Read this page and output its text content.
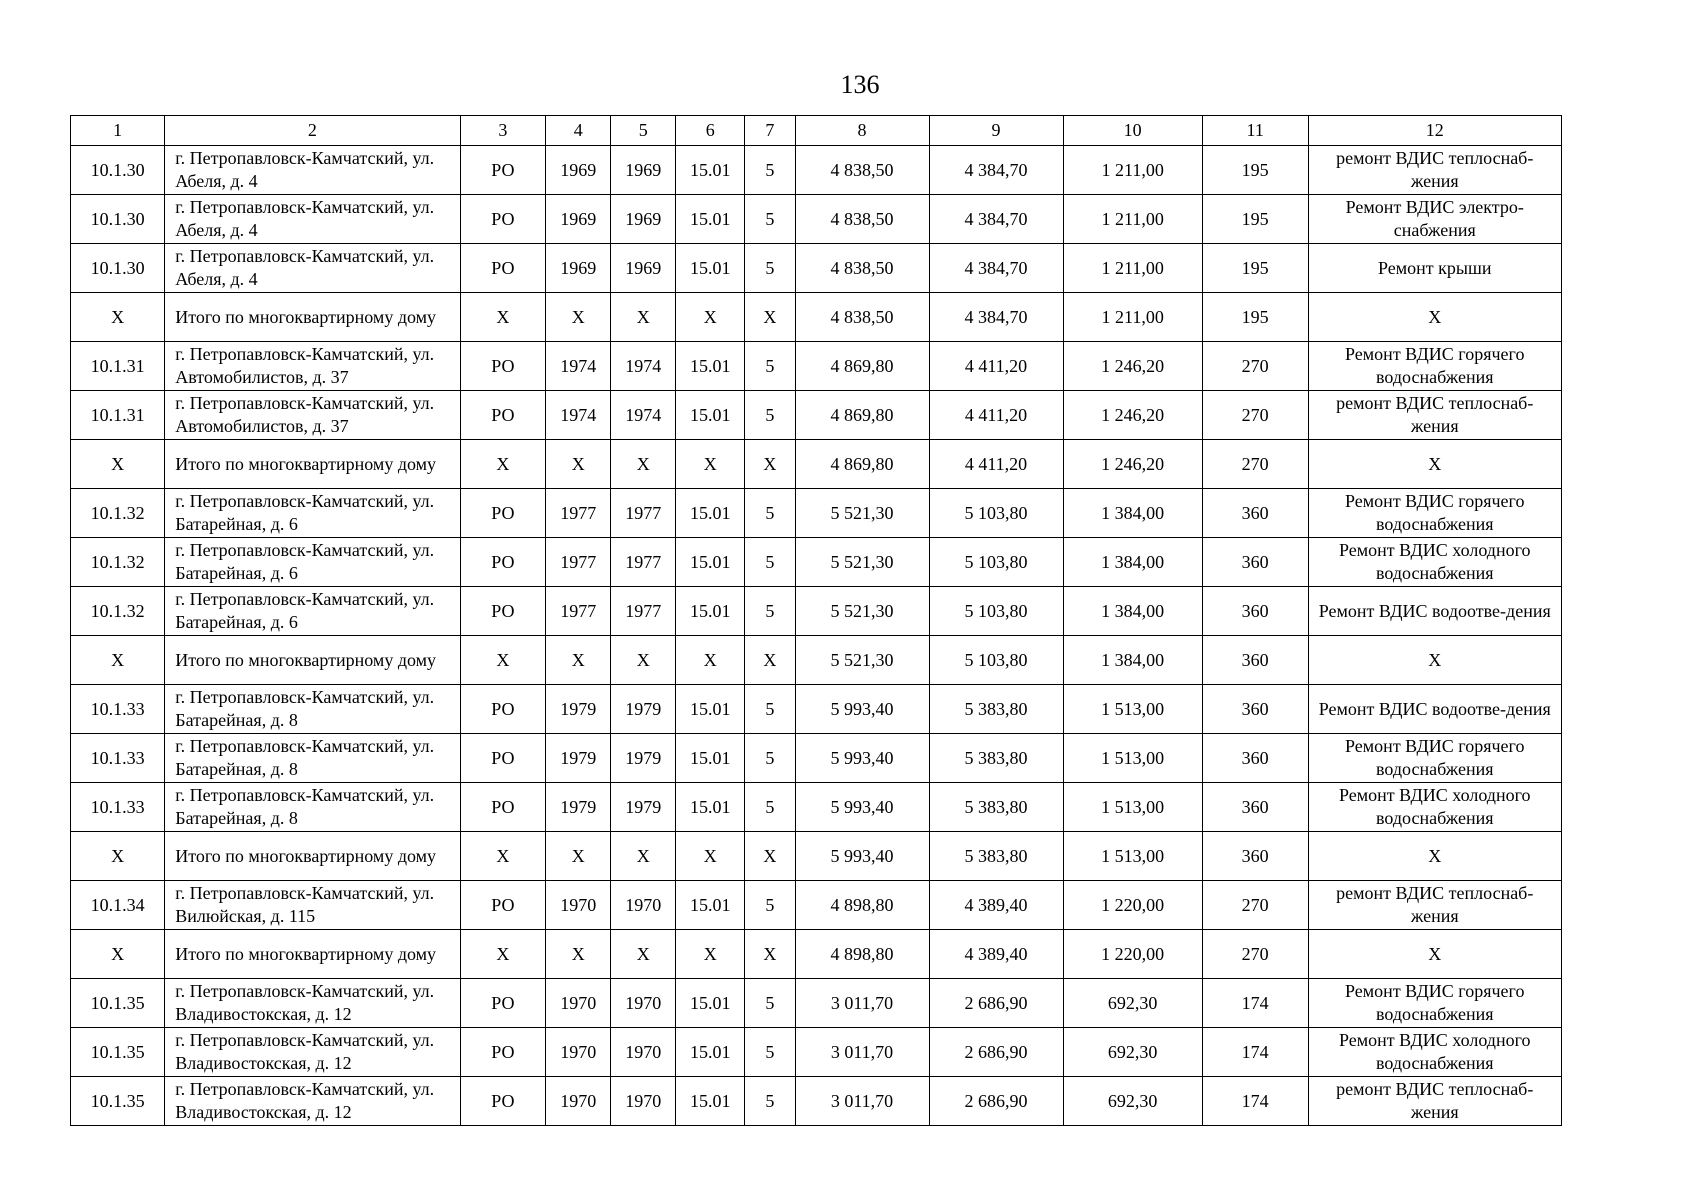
136
1	2	3	4	5	6	7	8	9	10	11	12
10.1.30	г. Петропавловск-Камчатский, ул. Абеля, д. 4	РО	1969	1969	15.01	5	4 838,50	4 384,70	1 211,00	195	ремонт ВДИС теплоснаб-жения
10.1.30	г. Петропавловск-Камчатский, ул. Абеля, д. 4	РО	1969	1969	15.01	5	4 838,50	4 384,70	1 211,00	195	Ремонт ВДИС электро-снабжения
10.1.30	г. Петропавловск-Камчатский, ул. Абеля, д. 4	РО	1969	1969	15.01	5	4 838,50	4 384,70	1 211,00	195	Ремонт крыши
Х	Итого по многоквартирному дому	Х	Х	Х	Х	Х	4 838,50	4 384,70	1 211,00	195	Х
10.1.31	г. Петропавловск-Камчатский, ул. Автомобилистов, д. 37	РО	1974	1974	15.01	5	4 869,80	4 411,20	1 246,20	270	Ремонт ВДИС горячего водоснабжения
10.1.31	г. Петропавловск-Камчатский, ул. Автомобилистов, д. 37	РО	1974	1974	15.01	5	4 869,80	4 411,20	1 246,20	270	ремонт ВДИС теплоснаб-жения
Х	Итого по многоквартирному дому	Х	Х	Х	Х	Х	4 869,80	4 411,20	1 246,20	270	Х
10.1.32	г. Петропавловск-Камчатский, ул. Батарейная, д. 6	РО	1977	1977	15.01	5	5 521,30	5 103,80	1 384,00	360	Ремонт ВДИС горячего водоснабжения
10.1.32	г. Петропавловск-Камчатский, ул. Батарейная, д. 6	РО	1977	1977	15.01	5	5 521,30	5 103,80	1 384,00	360	Ремонт ВДИС холодного водоснабжения
10.1.32	г. Петропавловск-Камчатский, ул. Батарейная, д. 6	РО	1977	1977	15.01	5	5 521,30	5 103,80	1 384,00	360	Ремонт ВДИС водоотве-дения
Х	Итого по многоквартирному дому	Х	Х	Х	Х	Х	5 521,30	5 103,80	1 384,00	360	Х
10.1.33	г. Петропавловск-Камчатский, ул. Батарейная, д. 8	РО	1979	1979	15.01	5	5 993,40	5 383,80	1 513,00	360	Ремонт ВДИС водоотве-дения
10.1.33	г. Петропавловск-Камчатский, ул. Батарейная, д. 8	РО	1979	1979	15.01	5	5 993,40	5 383,80	1 513,00	360	Ремонт ВДИС горячего водоснабжения
10.1.33	г. Петропавловск-Камчатский, ул. Батарейная, д. 8	РО	1979	1979	15.01	5	5 993,40	5 383,80	1 513,00	360	Ремонт ВДИС холодного водоснабжения
Х	Итого по многоквартирному дому	Х	Х	Х	Х	Х	5 993,40	5 383,80	1 513,00	360	Х
10.1.34	г. Петропавловск-Камчатский, ул. Вилюйская, д. 115	РО	1970	1970	15.01	5	4 898,80	4 389,40	1 220,00	270	ремонт ВДИС теплоснаб-жения
Х	Итого по многоквартирному дому	Х	Х	Х	Х	Х	4 898,80	4 389,40	1 220,00	270	Х
10.1.35	г. Петропавловск-Камчатский, ул. Владивостокская, д. 12	РО	1970	1970	15.01	5	3 011,70	2 686,90	692,30	174	Ремонт ВДИС горячего водоснабжения
10.1.35	г. Петропавловск-Камчатский, ул. Владивостокская, д. 12	РО	1970	1970	15.01	5	3 011,70	2 686,90	692,30	174	Ремонт ВДИС холодного водоснабжения
10.1.35	г. Петропавловск-Камчатский, ул. Владивостокская, д. 12	РО	1970	1970	15.01	5	3 011,70	2 686,90	692,30	174	ремонт ВДИС теплоснаб-жения
